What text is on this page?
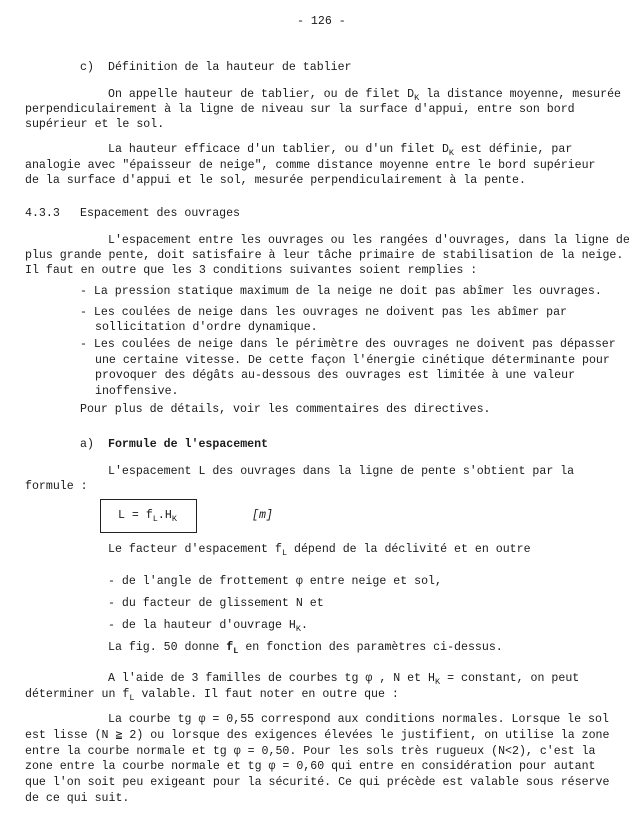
- 126 -
c) Définition de la hauteur de tablier
On appelle hauteur de tablier, ou de filet $D_K$ la distance moyenne, mesurée
perpendiculairement à la ligne de niveau sur la surface d'appui, entre son bord
supérieur et le sol.
La hauteur efficace d'un tablier, ou d'un filet $D_K$ est définie, par
analogie avec "épaisseur de neige", comme distance moyenne entre le bord supérieur
de la surface d'appui et le sol, mesurée perpendiculairement à la pente.
4.3.3 Espacement des ouvrages
L'espacement entre les ouvrages ou les rangées d'ouvrages, dans la ligne de
plus grande pente, doit satisfaire à leur tâche primaire de stabilisation de la neige.
Il faut en outre que les 3 conditions suivantes soient remplies :
- La pression statique maximum de la neige ne doit pas abîmer les ouvrages.
- Les coulées de neige dans les ouvrages ne doivent pas les abîmer par
sollicitation d'ordre dynamique.
- Les coulées de neige dans le périmètre des ouvrages ne doivent pas dépasser
une certaine vitesse. De cette façon l'énergie cinétique déterminante pour
provoquer des dégâts au-dessous des ouvrages est limitée à une valeur
inoffensive.
Pour plus de détails, voir les commentaires des directives.
a) Formule de l'espacement
L'espacement L des ouvrages dans la ligne de pente s'obtient par la
formule :
$L = f_L.H_K$	[m]
Le facteur d'espacement $f_L$ dépend de la déclivité et en outre
- de l'angle de frottement φ entre neige et sol,
- du facteur de glissement N et
- de la hauteur d'ouvrage $H_K$.
La fig. 50 donne $f_L$ en fonction des paramètres ci-dessus.
A l'aide de 3 familles de courbes tg φ , N et $H_K$ = constant, on peut
déterminer un $f_L$ valable. Il faut noter en outre que :
La courbe tg φ = 0,55 correspond aux conditions normales. Lorsque le sol
est lisse (N ≧ 2) ou lorsque des exigences élevées le justifient, on utilise la zone
entre la courbe normale et tg φ = 0,50. Pour les sols très rugueux (N<2), c'est la
zone entre la courbe normale et tg φ = 0,60 qui entre en considération pour autant
que l'on soit peu exigeant pour la sécurité. Ce qui précède est valable sous réserve
de ce qui suit.
